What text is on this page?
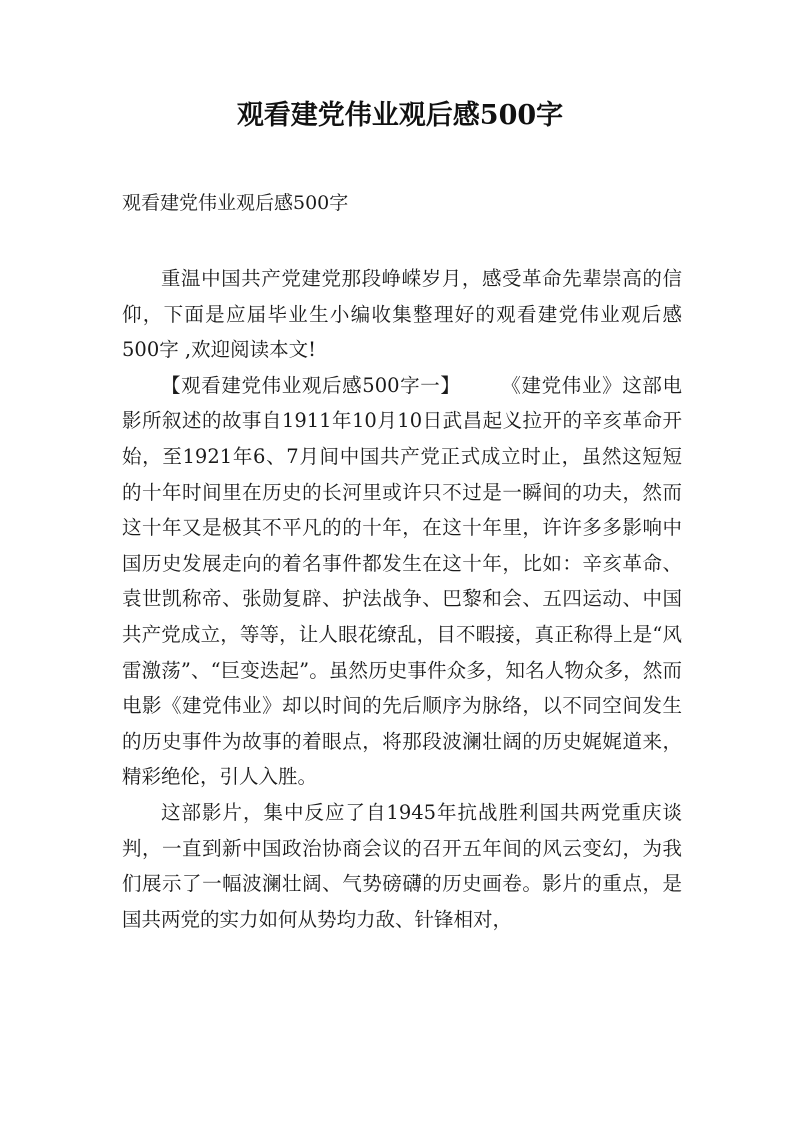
观看建党伟业观后感500字
观看建党伟业观后感500字

重温中国共产党建党那段峥嵘岁月，感受革命先辈崇高的信仰，下面是应届毕业生小编收集整理好的观看建党伟业观后感500字 ,欢迎阅读本文!

【观看建党伟业观后感500字一】　　　	《建党伟业》这部电影所叙述的故事自1911年10月10日武昌起义拉开的辛亥革命开始，至1921年6、7月间中国共产党正式成立时止，虽然这短短的十年时间里在历史的长河里或许只不过是一瞬间的功夫，然而这十年又是极其不平凡的的十年，在这十年里，许许多多影响中国历史发展走向的着名事件都发生在这十年，比如：辛亥革命、袁世凯称帝、张勋复辟、护法战争、巴黎和会、五四运动、中国共产党成立，等等，让人眼花缭乱，目不暇接，真正称得上是“风雷激荡”、“巨变迭起”。虽然历史事件众多，知名人物众多，然而电影《建党伟业》却以时间的先后顺序为脉络，以不同空间发生的历史事件为故事的着眼点，将那段波澜壮阔的历史娓娓道来，精彩绝伦，引人入胜。

这部影片，集中反应了自1945年抗战胜利国共两党重庆谈判，一直到新中国政治协商会议的召开五年间的风云变幻，为我们展示了一幅波澜壮阔、气势磅礴的历史画卷。影片的重点，是国共两党的实力如何从势均力敌、针锋相对，
